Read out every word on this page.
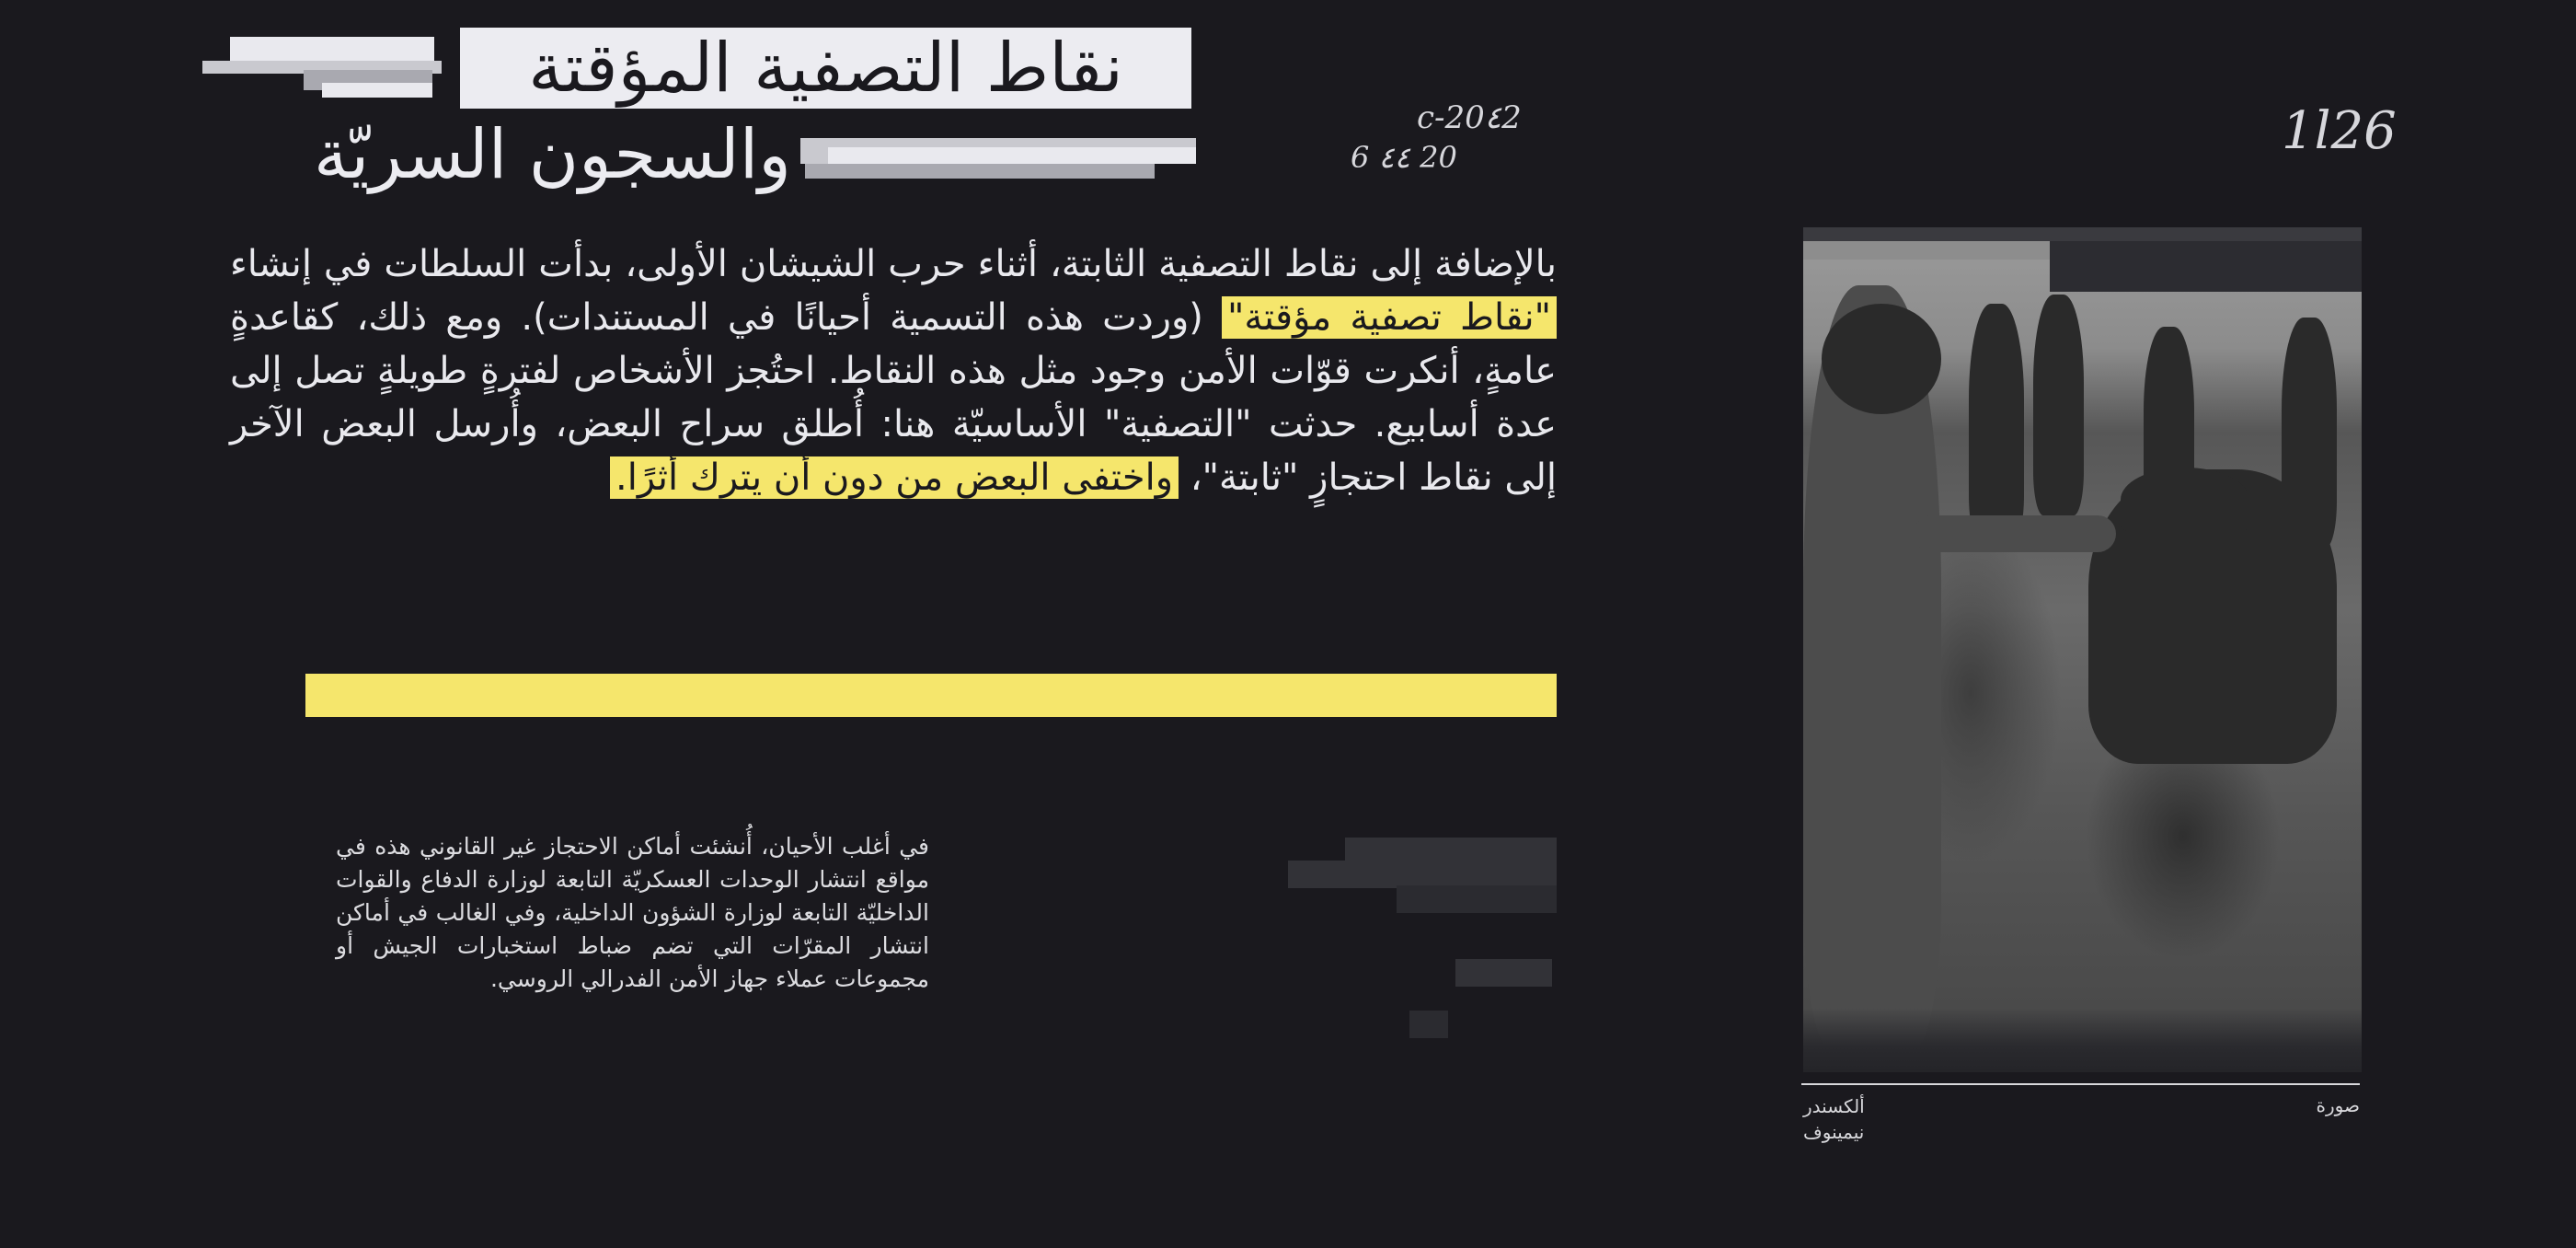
نقاط التصفية المؤقتة
والسجون السريّة	20٤2-c
20 ٤٤ 6	1l26
بالإضافة إلى نقاط التصفية الثابتة، أثناء حرب الشيشان الأولى، بدأت السلطات في إنشاء "نقاط تصفية مؤقتة" (وردت هذه التسمية أحيانًا في المستندات). ومع ذلك، كقاعدةٍ عامةٍ، أنكرت قوّات الأمن وجود مثل هذه النقاط. احتُجز الأشخاص لفترةٍ طويلةٍ تصل إلى عدة أسابيع. حدثت "التصفية" الأساسيّة هنا: أُطلق سراح البعض، وأُرسل البعض الآخر إلى نقاط احتجازٍ "ثابتة"، واختفى البعض من دون أن يترك أثرًا.
في أغلب الأحيان، أُنشئت أماكن الاحتجاز غير القانوني هذه في مواقع انتشار الوحدات العسكريّة التابعة لوزارة الدفاع والقوات الداخليّة التابعة لوزارة الشؤون الداخلية، وفي الغالب في أماكن انتشار المقرّات التي تضم ضباط استخبارات الجيش أو مجموعات عملاء جهاز الأمن الفدرالي الروسي.
صورة
ألكسندر
نيمينوف
